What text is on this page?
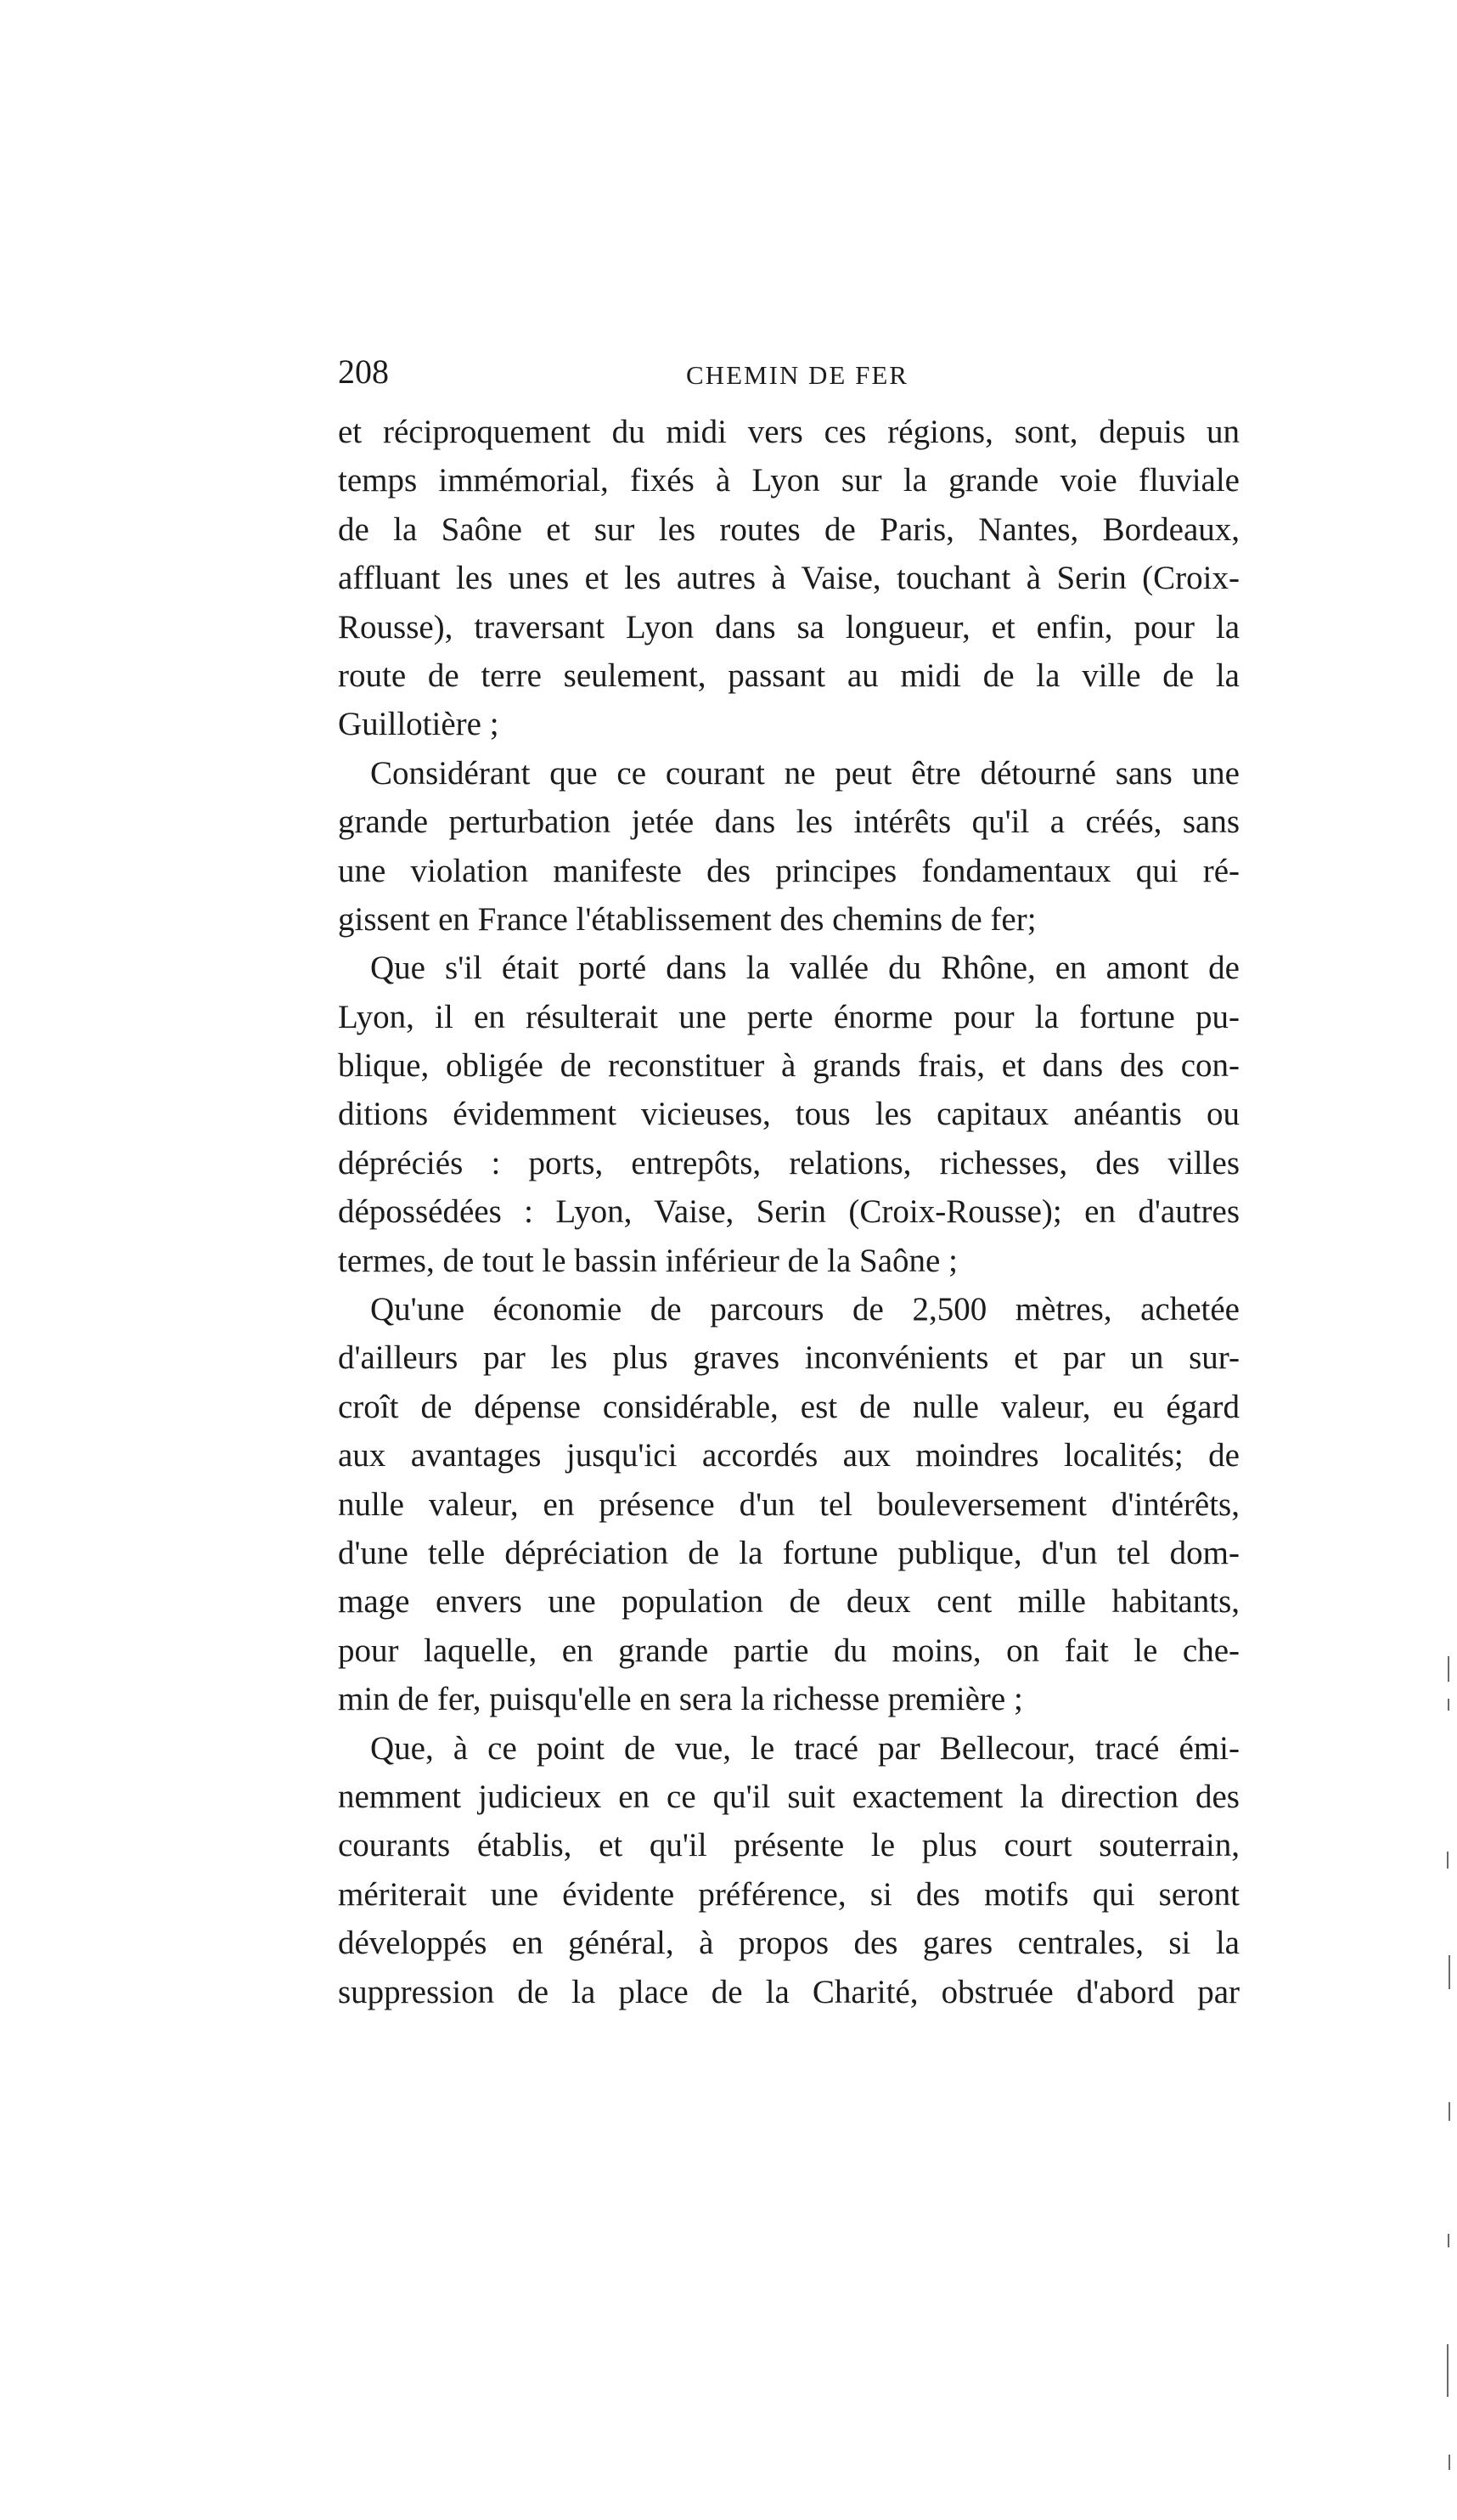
208	CHEMIN DE FER
et réciproquement du midi vers ces régions, sont, depuis un
temps immémorial, fixés à Lyon sur la grande voie fluviale
de la Saône et sur les routes de Paris, Nantes, Bordeaux,
affluant les unes et les autres à Vaise, touchant à Serin (Croix-
Rousse), traversant Lyon dans sa longueur, et enfin, pour la
route de terre seulement, passant au midi de la ville de la
Guillotière ;
Considérant que ce courant ne peut être détourné sans une
grande perturbation jetée dans les intérêts qu'il a créés, sans
une violation manifeste des principes fondamentaux qui ré-
gissent en France l'établissement des chemins de fer;
Que s'il était porté dans la vallée du Rhône, en amont de
Lyon, il en résulterait une perte énorme pour la fortune pu-
blique, obligée de reconstituer à grands frais, et dans des con-
ditions évidemment vicieuses, tous les capitaux anéantis ou
dépréciés : ports, entrepôts, relations, richesses, des villes
dépossédées : Lyon, Vaise, Serin (Croix-Rousse); en d'autres
termes, de tout le bassin inférieur de la Saône ;
Qu'une économie de parcours de 2,500 mètres, achetée
d'ailleurs par les plus graves inconvénients et par un sur-
croît de dépense considérable, est de nulle valeur, eu égard
aux avantages jusqu'ici accordés aux moindres localités; de
nulle valeur, en présence d'un tel bouleversement d'intérêts,
d'une telle dépréciation de la fortune publique, d'un tel dom-
mage envers une population de deux cent mille habitants,
pour laquelle, en grande partie du moins, on fait le che-
min de fer, puisqu'elle en sera la richesse première ;
Que, à ce point de vue, le tracé par Bellecour, tracé émi-
nemment judicieux en ce qu'il suit exactement la direction des
courants établis, et qu'il présente le plus court souterrain,
mériterait une évidente préférence, si des motifs qui seront
développés en général, à propos des gares centrales, si la
suppression de la place de la Charité, obstruée d'abord par
